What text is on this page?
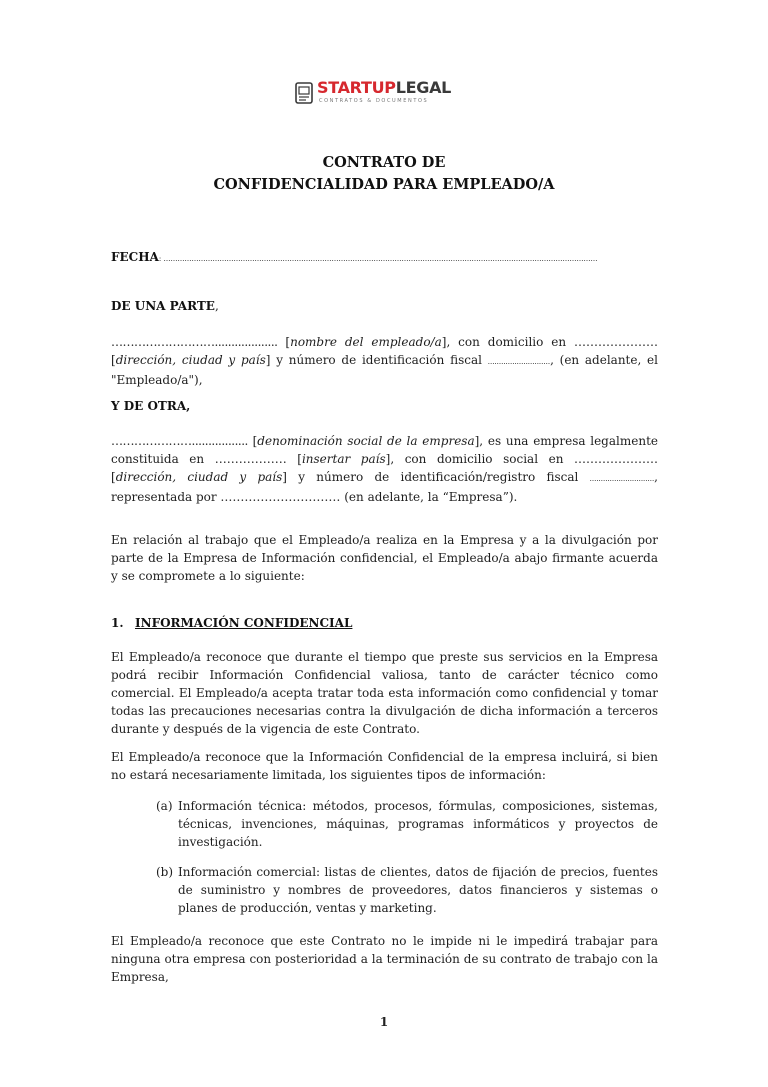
STARTUPLEGAL
CONTRATOS & DOCUMENTOS
CONTRATO DE
CONFIDENCIALIDAD PARA EMPLEADO/A

FECHA: ……………………………………………………………………………………………………………………………………………………………………

DE UNA PARTE,

………………………................... [nombre del empleado/a], con domicilio en ………………… [dirección, ciudad y país] y número de identificación fiscal ............................, (en adelante, el "Empleado/a"),

Y DE OTRA,

…………………................. [denominación social de la empresa], es una empresa legalmente constituida en ……………… [insertar país], con domicilio social en ………………… [dirección, ciudad y país] y número de identificación/registro fiscal ............................., representada por ………………………… (en adelante, la “Empresa”).

En relación al trabajo que el Empleado/a realiza en la Empresa y a la divulgación por parte de la Empresa de Información confidencial, el Empleado/a abajo firmante acuerda y se compromete a lo siguiente:

1. INFORMACIÓN CONFIDENCIAL

El Empleado/a reconoce que durante el tiempo que preste sus servicios en la Empresa podrá recibir Información Confidencial valiosa, tanto de carácter técnico como comercial. El Empleado/a acepta tratar toda esta información como confidencial y tomar todas las precauciones necesarias contra la divulgación de dicha información a terceros durante y después de la vigencia de este Contrato.

El Empleado/a reconoce que la Información Confidencial de la empresa incluirá, si bien no estará necesariamente limitada, los siguientes tipos de información:

(a) Información técnica: métodos, procesos, fórmulas, composiciones, sistemas, técnicas, invenciones, máquinas, programas informáticos y proyectos de investigación.
(b) Información comercial: listas de clientes, datos de fijación de precios, fuentes de suministro y nombres de proveedores, datos financieros y sistemas o planes de producción, ventas y marketing.

El Empleado/a reconoce que este Contrato no le impide ni le impedirá trabajar para ninguna otra empresa con posterioridad a la terminación de su contrato de trabajo con la Empresa,

1
